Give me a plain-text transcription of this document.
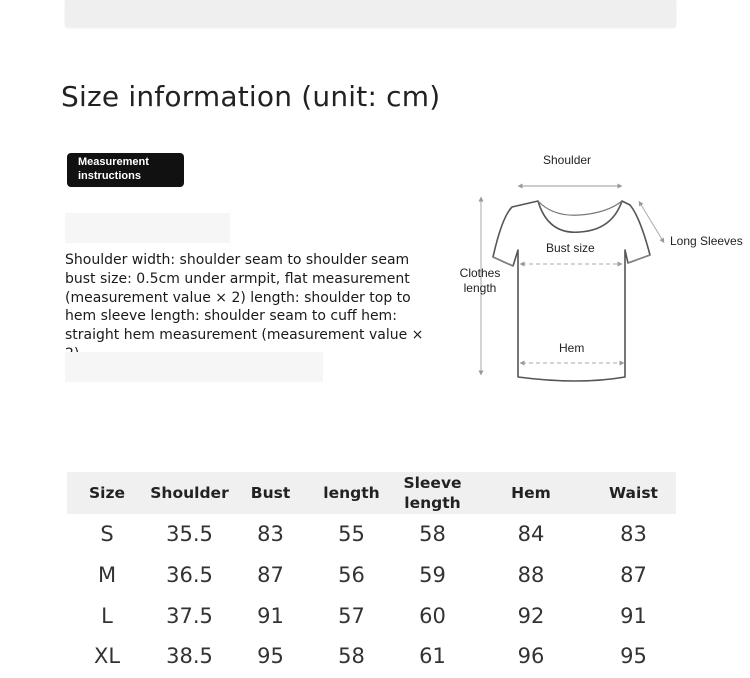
Size information (unit: cm)
Measurement
instructions
Shoulder width: shoulder seam to shoulder seam bust size: 0.5cm under armpit, flat measurement (measurement value × 2) length: shoulder top to hem sleeve length: shoulder seam to cuff hem: straight hem measurement (measurement value ×
Shoulder
Bust size
Clothes
length
Long Sleeves
Hem
Size	Shoulder	Bust	length	Sleeve length	Hem	Waist
S	35.5	83	55	58	84	83
M	36.5	87	56	59	88	87
L	37.5	91	57	60	92	91
XL	38.5	95	58	61	96	95
